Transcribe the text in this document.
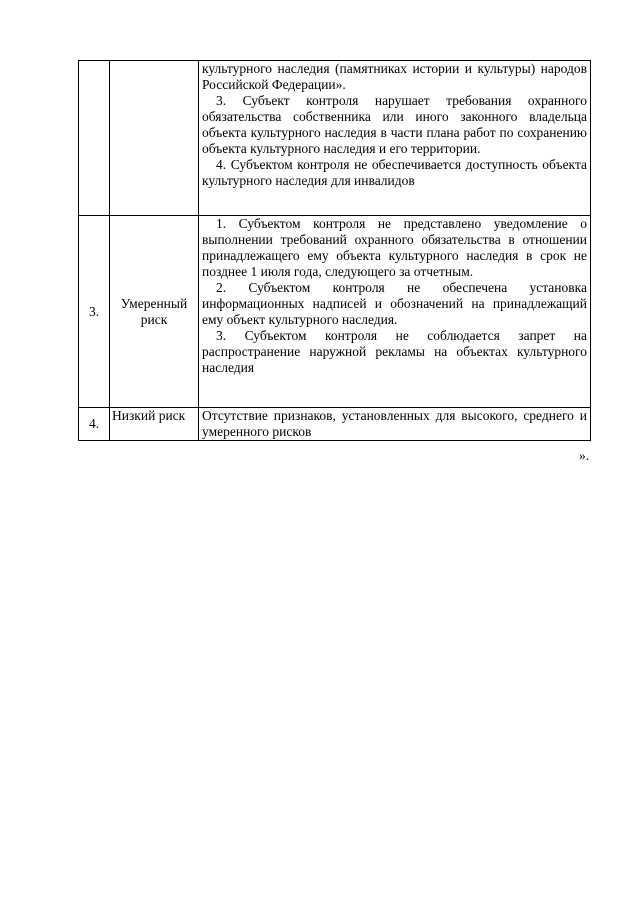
		культурного наследия (памятниках истории и культуры) народов Российской Федерации».

3. Субъект контроля нарушает требования охранного обязательства собственника или иного законного владельца объекта культурного наследия в части плана работ по сохранению объекта культурного наследия и его территории.

4. Субъектом контроля не обеспечивается доступность объекта культурного наследия для инвалидов

3.	Умеренный риск	1. Субъектом контроля не представлено уведомление о выполнении требований охранного обязательства в отношении принадлежащего ему объекта культурного наследия в срок не позднее 1 июля года, следующего за отчетным.

2. Субъектом контроля не обеспечена установка информационных надписей и обозначений на принадлежащий ему объект культурного наследия.

3. Субъектом контроля не соблюдается запрет на распространение наружной рекламы на объектах культурного наследия

4.	Низкий риск	Отсутствие признаков, установленных для высокого, среднего и умеренного рисков

».
